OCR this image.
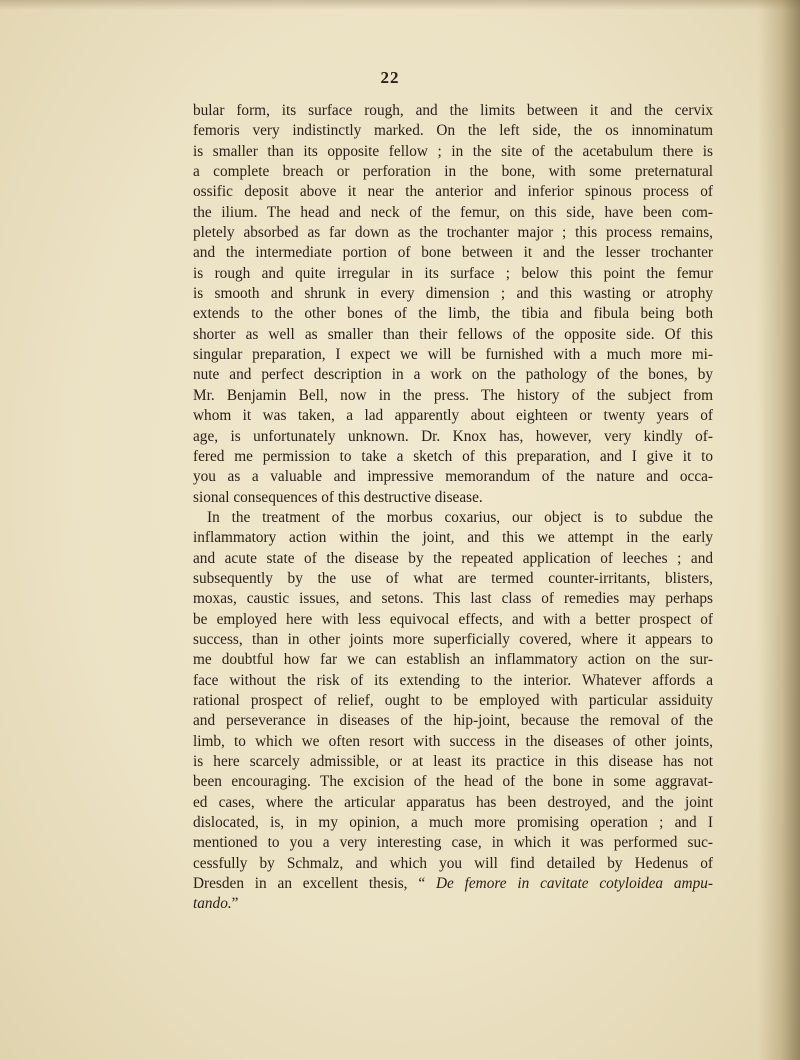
22
bular form, its surface rough, and the limits between it and the cervix
femoris very indistinctly marked. On the left side, the os innominatum
is smaller than its opposite fellow ; in the site of the acetabulum there is
a complete breach or perforation in the bone, with some preternatural
ossific deposit above it near the anterior and inferior spinous process of
the ilium. The head and neck of the femur, on this side, have been com-
pletely absorbed as far down as the trochanter major ; this process remains,
and the intermediate portion of bone between it and the lesser trochanter
is rough and quite irregular in its surface ; below this point the femur
is smooth and shrunk in every dimension ; and this wasting or atrophy
extends to the other bones of the limb, the tibia and fibula being both
shorter as well as smaller than their fellows of the opposite side. Of this
singular preparation, I expect we will be furnished with a much more mi-
nute and perfect description in a work on the pathology of the bones, by
Mr. Benjamin Bell, now in the press. The history of the subject from
whom it was taken, a lad apparently about eighteen or twenty years of
age, is unfortunately unknown. Dr. Knox has, however, very kindly of-
fered me permission to take a sketch of this preparation, and I give it to
you as a valuable and impressive memorandum of the nature and occa-
sional consequences of this destructive disease.
In the treatment of the morbus coxarius, our object is to subdue the
inflammatory action within the joint, and this we attempt in the early
and acute state of the disease by the repeated application of leeches ; and
subsequently by the use of what are termed counter-irritants, blisters,
moxas, caustic issues, and setons. This last class of remedies may perhaps
be employed here with less equivocal effects, and with a better prospect of
success, than in other joints more superficially covered, where it appears to
me doubtful how far we can establish an inflammatory action on the sur-
face without the risk of its extending to the interior. Whatever affords a
rational prospect of relief, ought to be employed with particular assiduity
and perseverance in diseases of the hip-joint, because the removal of the
limb, to which we often resort with success in the diseases of other joints,
is here scarcely admissible, or at least its practice in this disease has not
been encouraging. The excision of the head of the bone in some aggravat-
ed cases, where the articular apparatus has been destroyed, and the joint
dislocated, is, in my opinion, a much more promising operation ; and I
mentioned to you a very interesting case, in which it was performed suc-
cessfully by Schmalz, and which you will find detailed by Hedenus of
Dresden in an excellent thesis, “ De femore in cavitate cotyloidea ampu-
tando.”
